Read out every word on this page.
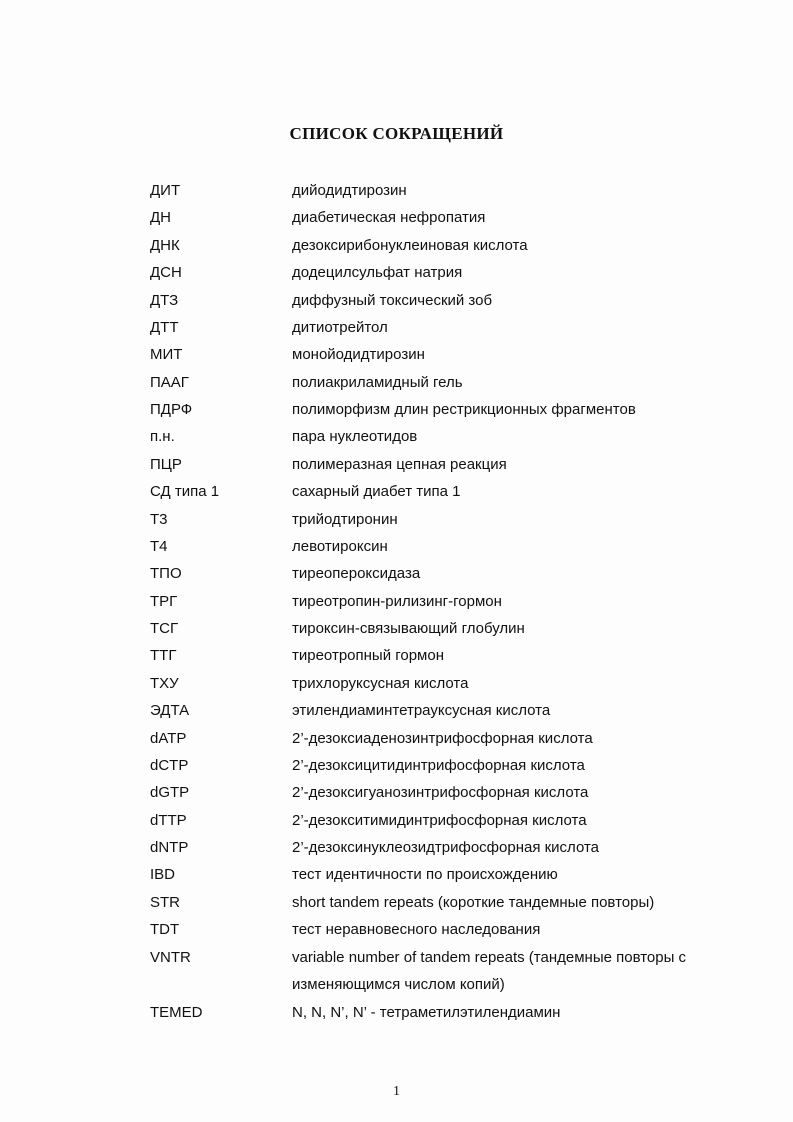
СПИСОК СОКРАЩЕНИЙ
ДИТ	дийодидтирозин
ДН	диабетическая нефропатия
ДНК	дезоксирибонуклеиновая кислота
ДСН	додецилсульфат натрия
ДТЗ	диффузный токсический зоб
ДТТ	дитиотрейтол
МИТ	монойодидтирозин
ПААГ	полиакриламидный гель
ПДРФ	полиморфизм длин рестрикционных фрагментов
п.н.	пара нуклеотидов
ПЦР	полимеразная цепная реакция
СД типа 1	сахарный диабет типа 1
Т3	трийодтиронин
Т4	левотироксин
ТПО	тиреопероксидаза
ТРГ	тиреотропин-рилизинг-гормон
ТСГ	тироксин-связывающий глобулин
ТТГ	тиреотропный гормон
ТХУ	трихлоруксусная кислота
ЭДТА	этилендиаминтетрауксусная кислота
dATP	2’-дезоксиаденозинтрифосфорная кислота
dCTP	2’-дезоксицитидинтрифосфорная кислота
dGTP	2’-дезоксигуанозинтрифосфорная кислота
dTTP	2’-дезокситимидинтрифосфорная кислота
dNTP	2’-дезоксинуклеозидтрифосфорная кислота
IBD	тест идентичности по происхождению
STR	short tandem repeats (короткие тандемные повторы)
TDT	тест неравновесного наследования
VNTR	variable number of tandem repeats (тандемные повторы с изменяющимся числом копий)
TEMED	N, N, N’, N’ - тетраметилэтилендиамин
1
